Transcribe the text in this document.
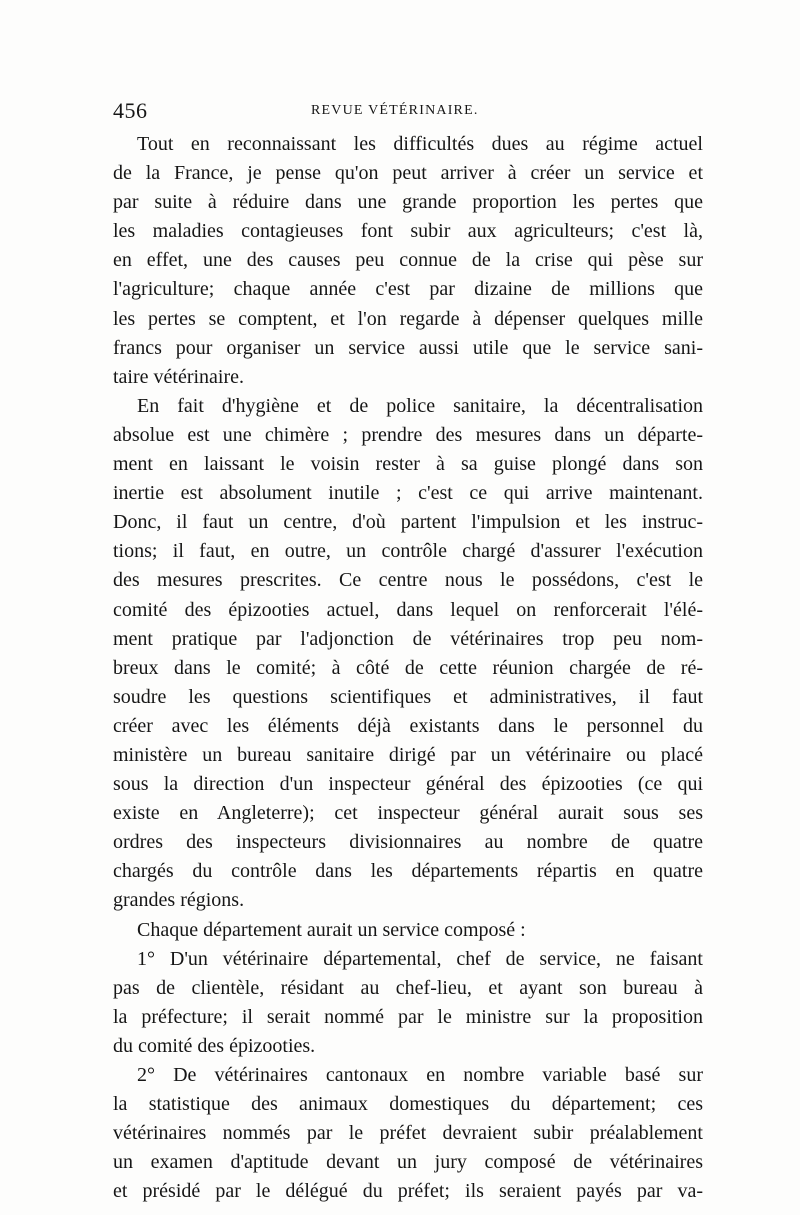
456	REVUE VÉTÉRINAIRE.
Tout en reconnaissant les difficultés dues au régime actuel
de la France, je pense qu'on peut arriver à créer un service et
par suite à réduire dans une grande proportion les pertes que
les maladies contagieuses font subir aux agriculteurs; c'est là,
en effet, une des causes peu connue de la crise qui pèse sur
l'agriculture; chaque année c'est par dizaine de millions que
les pertes se comptent, et l'on regarde à dépenser quelques mille
francs pour organiser un service aussi utile que le service sani-
taire vétérinaire.
En fait d'hygiène et de police sanitaire, la décentralisation
absolue est une chimère ; prendre des mesures dans un départe-
ment en laissant le voisin rester à sa guise plongé dans son
inertie est absolument inutile ; c'est ce qui arrive maintenant.
Donc, il faut un centre, d'où partent l'impulsion et les instruc-
tions; il faut, en outre, un contrôle chargé d'assurer l'exécution
des mesures prescrites. Ce centre nous le possédons, c'est le
comité des épizooties actuel, dans lequel on renforcerait l'élé-
ment pratique par l'adjonction de vétérinaires trop peu nom-
breux dans le comité; à côté de cette réunion chargée de ré-
soudre les questions scientifiques et administratives, il faut
créer avec les éléments déjà existants dans le personnel du
ministère un bureau sanitaire dirigé par un vétérinaire ou placé
sous la direction d'un inspecteur général des épizooties (ce qui
existe en Angleterre); cet inspecteur général aurait sous ses
ordres des inspecteurs divisionnaires au nombre de quatre
chargés du contrôle dans les départements répartis en quatre
grandes régions.
Chaque département aurait un service composé :
1° D'un vétérinaire départemental, chef de service, ne faisant
pas de clientèle, résidant au chef-lieu, et ayant son bureau à
la préfecture; il serait nommé par le ministre sur la proposition
du comité des épizooties.
2° De vétérinaires cantonaux en nombre variable basé sur
la statistique des animaux domestiques du département; ces
vétérinaires nommés par le préfet devraient subir préalablement
un examen d'aptitude devant un jury composé de vétérinaires
et présidé par le délégué du préfet; ils seraient payés par va-
